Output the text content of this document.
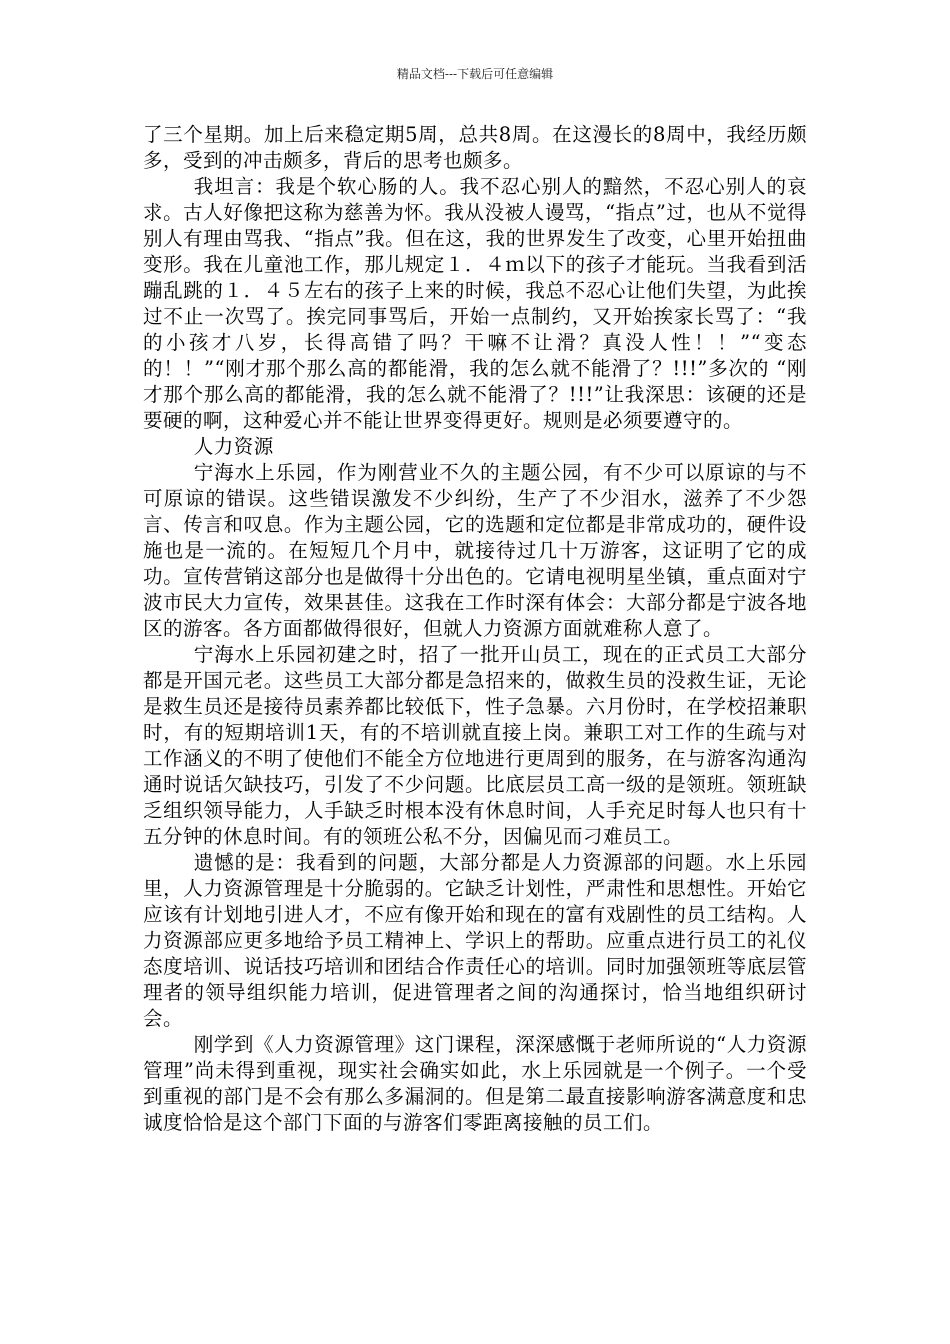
精品文档---下载后可任意编辑

了三个星期。加上后来稳定期5周，总共8周。在这漫长的8周中，我经历颇多，受到的冲击颇多，背后的思考也颇多。

我坦言：我是个软心肠的人。我不忍心别人的黯然，不忍心别人的哀求。古人好像把这称为慈善为怀。我从没被人谩骂，“指点”过，也从不觉得别人有理由骂我、“指点”我。但在这，我的世界发生了改变，心里开始扭曲变形。我在儿童池工作，那儿规定１．４ｍ以下的孩子才能玩。当我看到活蹦乱跳的１．４５左右的孩子上来的时候，我总不忍心让他们失望，为此挨过不止一次骂了。挨完同事骂后，开始一点制约，又开始挨家长骂了：“我的小孩才八岁，长得高错了吗？干嘛不让滑？真没人性！！”“变态的！！”“刚才那个那么高的都能滑，我的怎么就不能滑了？!!!”多次的 “刚才那个那么高的都能滑，我的怎么就不能滑了？!!!”让我深思：该硬的还是要硬的啊，这种爱心并不能让世界变得更好。规则是必须要遵守的。

人力资源

宁海水上乐园，作为刚营业不久的主题公园，有不少可以原谅的与不可原谅的错误。这些错误激发不少纠纷，生产了不少泪水，滋养了不少怨言、传言和叹息。作为主题公园，它的选题和定位都是非常成功的，硬件设施也是一流的。在短短几个月中，就接待过几十万游客，这证明了它的成功。宣传营销这部分也是做得十分出色的。它请电视明星坐镇，重点面对宁波市民大力宣传，效果甚佳。这我在工作时深有体会：大部分都是宁波各地区的游客。各方面都做得很好，但就人力资源方面就难称人意了。

宁海水上乐园初建之时，招了一批开山员工，现在的正式员工大部分都是开国元老。这些员工大部分都是急招来的，做救生员的没救生证，无论是救生员还是接待员素养都比较低下，性子急暴。六月份时，在学校招兼职时，有的短期培训1天，有的不培训就直接上岗。兼职工对工作的生疏与对工作涵义的不明了使他们不能全方位地进行更周到的服务，在与游客沟通沟通时说话欠缺技巧，引发了不少问题。比底层员工高一级的是领班。领班缺乏组织领导能力，人手缺乏时根本没有休息时间，人手充足时每人也只有十五分钟的休息时间。有的领班公私不分，因偏见而刁难员工。

遗憾的是：我看到的问题，大部分都是人力资源部的问题。水上乐园里，人力资源管理是十分脆弱的。它缺乏计划性，严肃性和思想性。开始它应该有计划地引进人才，不应有像开始和现在的富有戏剧性的员工结构。人力资源部应更多地给予员工精神上、学识上的帮助。应重点进行员工的礼仪态度培训、说话技巧培训和团结合作责任心的培训。同时加强领班等底层管理者的领导组织能力培训，促进管理者之间的沟通探讨，恰当地组织研讨会。

刚学到《人力资源管理》这门课程，深深感慨于老师所说的“人力资源管理”尚未得到重视，现实社会确实如此，水上乐园就是一个例子。一个受到重视的部门是不会有那么多漏洞的。但是第二最直接影响游客满意度和忠诚度恰恰是这个部门下面的与游客们零距离接触的员工们。
